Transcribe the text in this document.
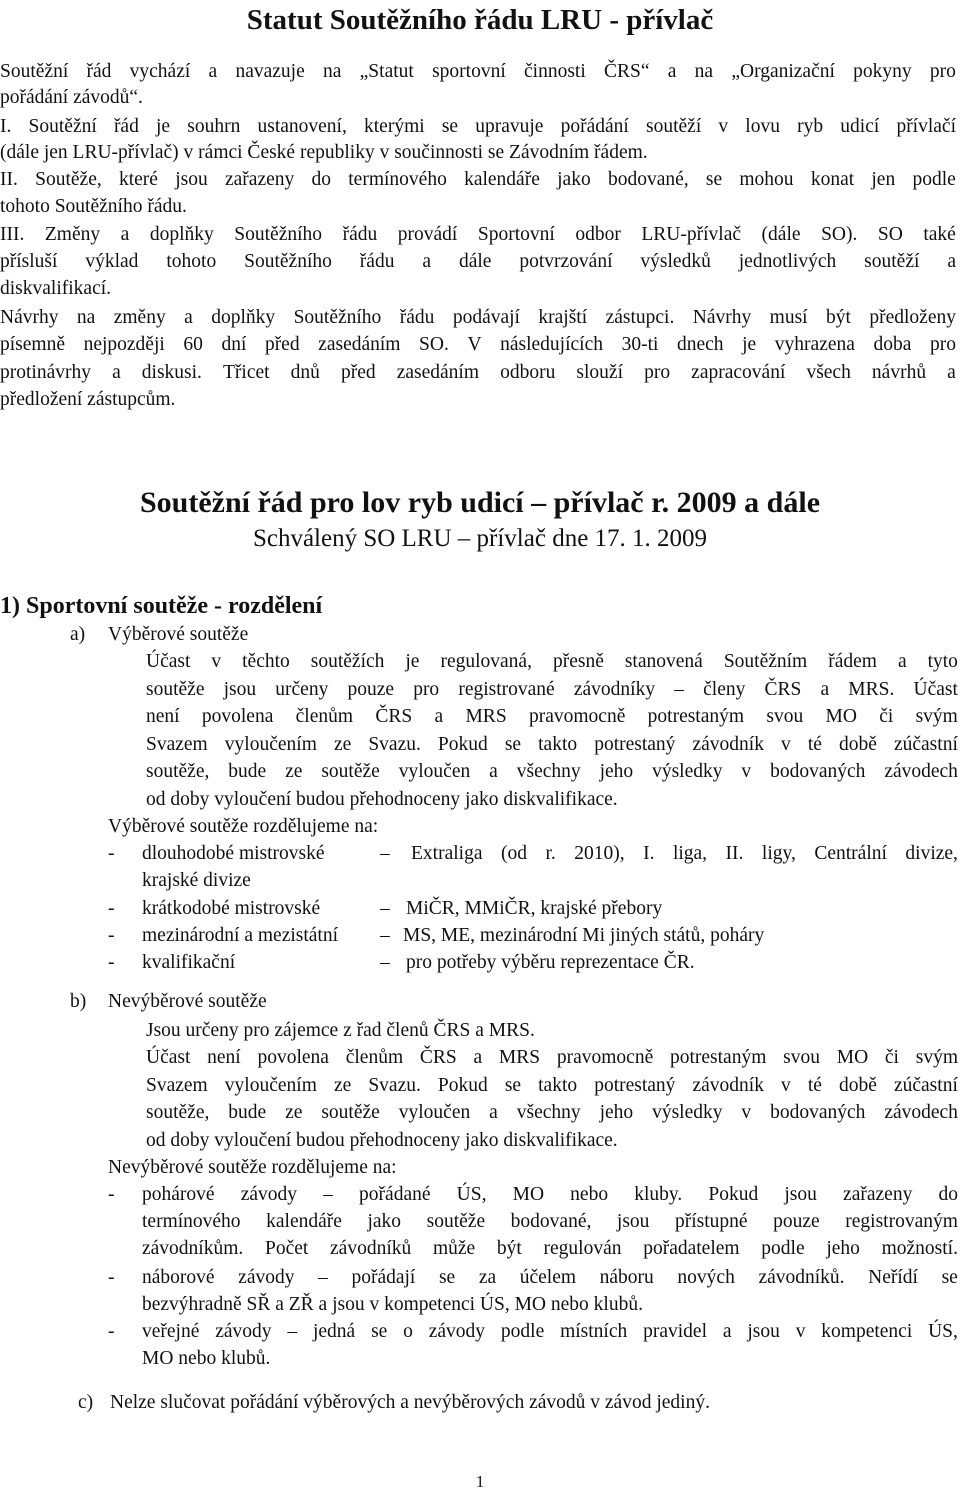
Statut Soutěžního řádu LRU - přívlač
Soutěžní řád vychází a navazuje na „Statut sportovní činnosti ČRS“ a na „Organizační pokyny pro
pořádání závodů“.
I. Soutěžní řád je souhrn ustanovení, kterými se upravuje pořádání soutěží v lovu ryb udicí přívlačí
(dále jen LRU-přívlač) v rámci České republiky v součinnosti se Závodním řádem.
II. Soutěže, které jsou zařazeny do termínového kalendáře jako bodované, se mohou konat jen podle
tohoto Soutěžního řádu.
III. Změny a doplňky Soutěžního řádu provádí Sportovní odbor LRU-přívlač (dále SO). SO také
přísluší výklad tohoto Soutěžního řádu a dále potvrzování výsledků jednotlivých soutěží a
diskvalifikací.
Návrhy na změny a doplňky Soutěžního řádu podávají krajští zástupci. Návrhy musí být předloženy
písemně nejpozději 60 dní před zasedáním SO. V následujících 30-ti dnech je vyhrazena doba pro
protinávrhy a diskusi. Třicet dnů před zasedáním odboru slouží pro zapracování všech návrhů a
předložení zástupcům.
Soutěžní řád pro lov ryb udicí – přívlač r. 2009 a dále
Schválený SO LRU – přívlač dne 17. 1. 2009
1) Sportovní soutěže - rozdělení
a) Výběrové soutěže
Účast v těchto soutěžích je regulovaná, přesně stanovená Soutěžním řádem a tyto
soutěže jsou určeny pouze pro registrované závodníky – členy ČRS a MRS. Účast
není povolena členům ČRS a MRS pravomocně potrestaným svou MO či svým
Svazem vyloučením ze Svazu. Pokud se takto potrestaný závodník v té době zúčastní
soutěže, bude ze soutěže vyloučen a všechny jeho výsledky v bodovaných závodech
od doby vyloučení budou přehodnoceny jako diskvalifikace.
Výběrové soutěže rozdělujeme na:
-	dlouhodobé mistrovské	– Extraliga (od r. 2010), I. liga, II. ligy, Centrální divize,
krajské divize
-	krátkodobé mistrovské	– MiČR, MMiČR, krajské přebory
-	mezinárodní a mezistátní – MS, ME, mezinárodní Mi jiných států, poháry
-	kvalifikační	– pro potřeby výběru reprezentace ČR.
b) Nevýběrové soutěže
Jsou určeny pro zájemce z řad členů ČRS a MRS.
Účast není povolena členům ČRS a MRS pravomocně potrestaným svou MO či svým
Svazem vyloučením ze Svazu. Pokud se takto potrestaný závodník v té době zúčastní
soutěže, bude ze soutěže vyloučen a všechny jeho výsledky v bodovaných závodech
od doby vyloučení budou přehodnoceny jako diskvalifikace.
Nevýběrové soutěže rozdělujeme na:
-	pohárové závody – pořádané ÚS, MO nebo kluby. Pokud jsou zařazeny do
termínového kalendáře jako soutěže bodované, jsou přístupné pouze registrovaným
závodníkům. Počet závodníků může být regulován pořadatelem podle jeho možností.
-	náborové závody – pořádají se za účelem náboru nových závodníků. Neřídí se
bezvýhradně SŘ a ZŘ a jsou v kompetenci ÚS, MO nebo klubů.
-	veřejné závody – jedná se o závody podle místních pravidel a jsou v kompetenci ÚS,
MO nebo klubů.
c) Nelze slučovat pořádání výběrových a nevýběrových závodů v závod jediný.
1
